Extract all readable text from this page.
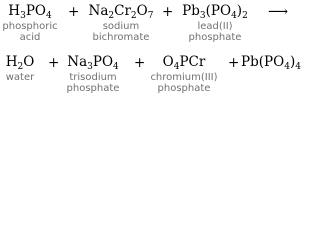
$H_3PO_4$
phosphoric
acid
+ $Na_2Cr_2O_7$
sodium
bichromate
+ $Pb_3(PO_4)_2$
lead(II)
phosphate
⟶
$H_2O$
water
+ $Na_3PO_4$
trisodium
phosphate
+	$O_4PCr$
chromium(III)
phosphate
+ $Pb(PO_4)_4$
